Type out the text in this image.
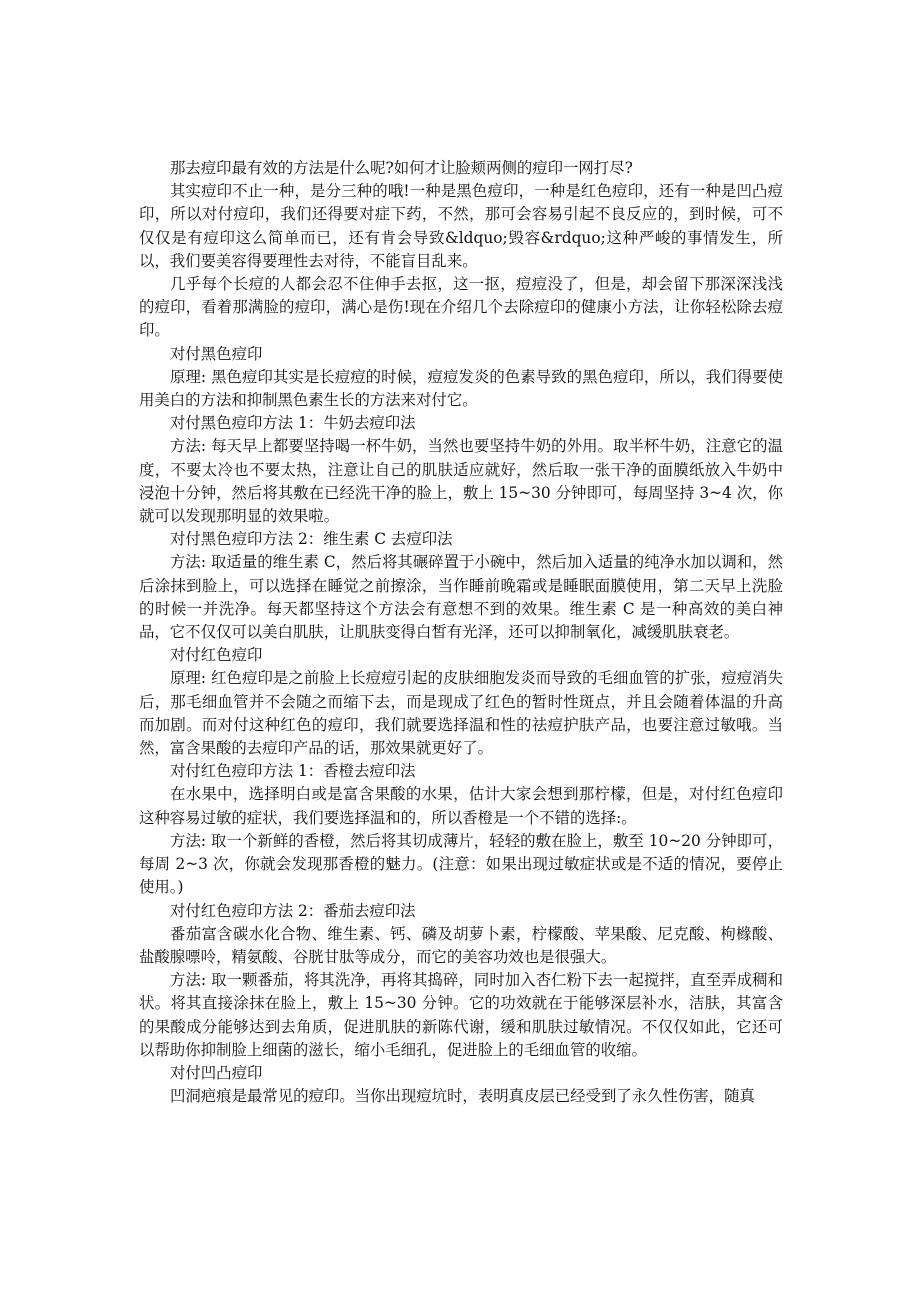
那去痘印最有效的方法是什么呢?如何才让脸颊两侧的痘印一网打尽?

其实痘印不止一种，是分三种的哦!一种是黑色痘印，一种是红色痘印，还有一种是凹凸痘印，所以对付痘印，我们还得要对症下药，不然，那可会容易引起不良反应的，到时候，可不仅仅是有痘印这么简单而已，还有肯会导致&ldquo;毁容&rdquo;这种严峻的事情发生，所以，我们要美容得要理性去对待，不能盲目乱来。

几乎每个长痘的人都会忍不住伸手去抠，这一抠，痘痘没了，但是，却会留下那深深浅浅的痘印，看着那满脸的痘印，满心是伤!现在介绍几个去除痘印的健康小方法，让你轻松除去痘印。

对付黑色痘印

原理: 黑色痘印其实是长痘痘的时候，痘痘发炎的色素导致的黑色痘印，所以，我们得要使用美白的方法和抑制黑色素生长的方法来对付它。

对付黑色痘印方法 1：牛奶去痘印法

方法: 每天早上都要坚持喝一杯牛奶，当然也要坚持牛奶的外用。取半杯牛奶，注意它的温度，不要太冷也不要太热，注意让自己的肌肤适应就好，然后取一张干净的面膜纸放入牛奶中浸泡十分钟，然后将其敷在已经洗干净的脸上，敷上 15~30 分钟即可，每周坚持 3~4 次，你就可以发现那明显的效果啦。

对付黑色痘印方法 2：维生素 C 去痘印法

方法: 取适量的维生素 C，然后将其碾碎置于小碗中，然后加入适量的纯净水加以调和，然后涂抹到脸上，可以选择在睡觉之前擦涂，当作睡前晚霜或是睡眠面膜使用，第二天早上洗脸的时候一并洗净。每天都坚持这个方法会有意想不到的效果。维生素 C 是一种高效的美白神品，它不仅仅可以美白肌肤，让肌肤变得白皙有光泽，还可以抑制氧化，减缓肌肤衰老。

对付红色痘印

原理: 红色痘印是之前脸上长痘痘引起的皮肤细胞发炎而导致的毛细血管的扩张，痘痘消失后，那毛细血管并不会随之而缩下去，而是现成了红色的暂时性斑点，并且会随着体温的升高而加剧。而对付这种红色的痘印，我们就要选择温和性的祛痘护肤产品，也要注意过敏哦。当然，富含果酸的去痘印产品的话，那效果就更好了。

对付红色痘印方法 1：香橙去痘印法

在水果中，选择明白或是富含果酸的水果，估计大家会想到那柠檬，但是，对付红色痘印这种容易过敏的症状，我们要选择温和的，所以香橙是一个不错的选择:。

方法: 取一个新鲜的香橙，然后将其切成薄片，轻轻的敷在脸上，敷至 10~20 分钟即可，每周 2~3 次，你就会发现那香橙的魅力。(注意：如果出现过敏症状或是不适的情况，要停止使用。)

对付红色痘印方法 2：番茄去痘印法

番茄富含碳水化合物、维生素、钙、磷及胡萝卜素，柠檬酸、苹果酸、尼克酸、枸橼酸、盐酸腺嘌呤，精氨酸、谷胱甘肽等成分，而它的美容功效也是很强大。

方法: 取一颗番茄，将其洗净，再将其捣碎，同时加入杏仁粉下去一起搅拌，直至弄成稠和状。将其直接涂抹在脸上，敷上 15~30 分钟。它的功效就在于能够深层补水，洁肤，其富含的果酸成分能够达到去角质，促进肌肤的新陈代谢，缓和肌肤过敏情况。不仅仅如此，它还可以帮助你抑制脸上细菌的滋长，缩小毛细孔，促进脸上的毛细血管的收缩。

对付凹凸痘印

凹洞疤痕是最常见的痘印。当你出现痘坑时，表明真皮层已经受到了永久性伤害，随真
